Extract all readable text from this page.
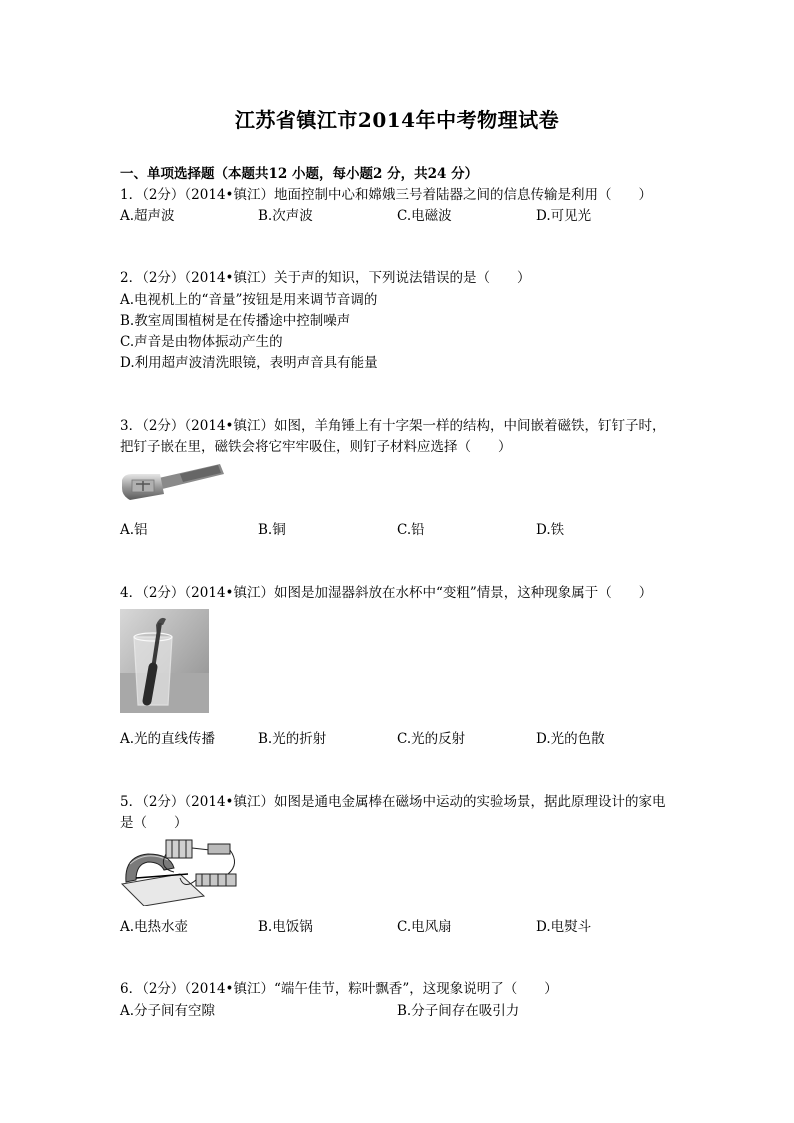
江苏省镇江市2014年中考物理试卷
一、单项选择题（本题共12 小题，每小题2 分，共24 分）
1．（2分）（2014•镇江）地面控制中心和嫦娥三号着陆器之间的信息传输是利用（　　）
A.超声波	B.次声波	C.电磁波	D.可见光
2．（2分）（2014•镇江）关于声的知识，下列说法错误的是（　　）
A.电视机上的“音量”按钮是用来调节音调的
B.教室周围植树是在传播途中控制噪声
C.声音是由物体振动产生的
D.利用超声波清洗眼镜，表明声音具有能量
3．（2分）（2014•镇江）如图，羊角锤上有十字架一样的结构，中间嵌着磁铁，钉钉子时，
把钉子嵌在里，磁铁会将它牢牢吸住，则钉子材料应选择（　　）
A.铝	B.铜	C.铅	D.铁
4．（2分）（2014•镇江）如图是加湿器斜放在水杯中“变粗”情景，这种现象属于（　　）
A.光的直线传播	B.光的折射	C.光的反射	D.光的色散
5．（2分）（2014•镇江）如图是通电金属棒在磁场中运动的实验场景，据此原理设计的家电
是（　　）
A.电热水壶	B.电饭锅	C.电风扇	D.电熨斗
6．（2分）（2014•镇江）“端午佳节，粽叶飘香”，这现象说明了（　　）
A.分子间有空隙	B.分子间存在吸引力
